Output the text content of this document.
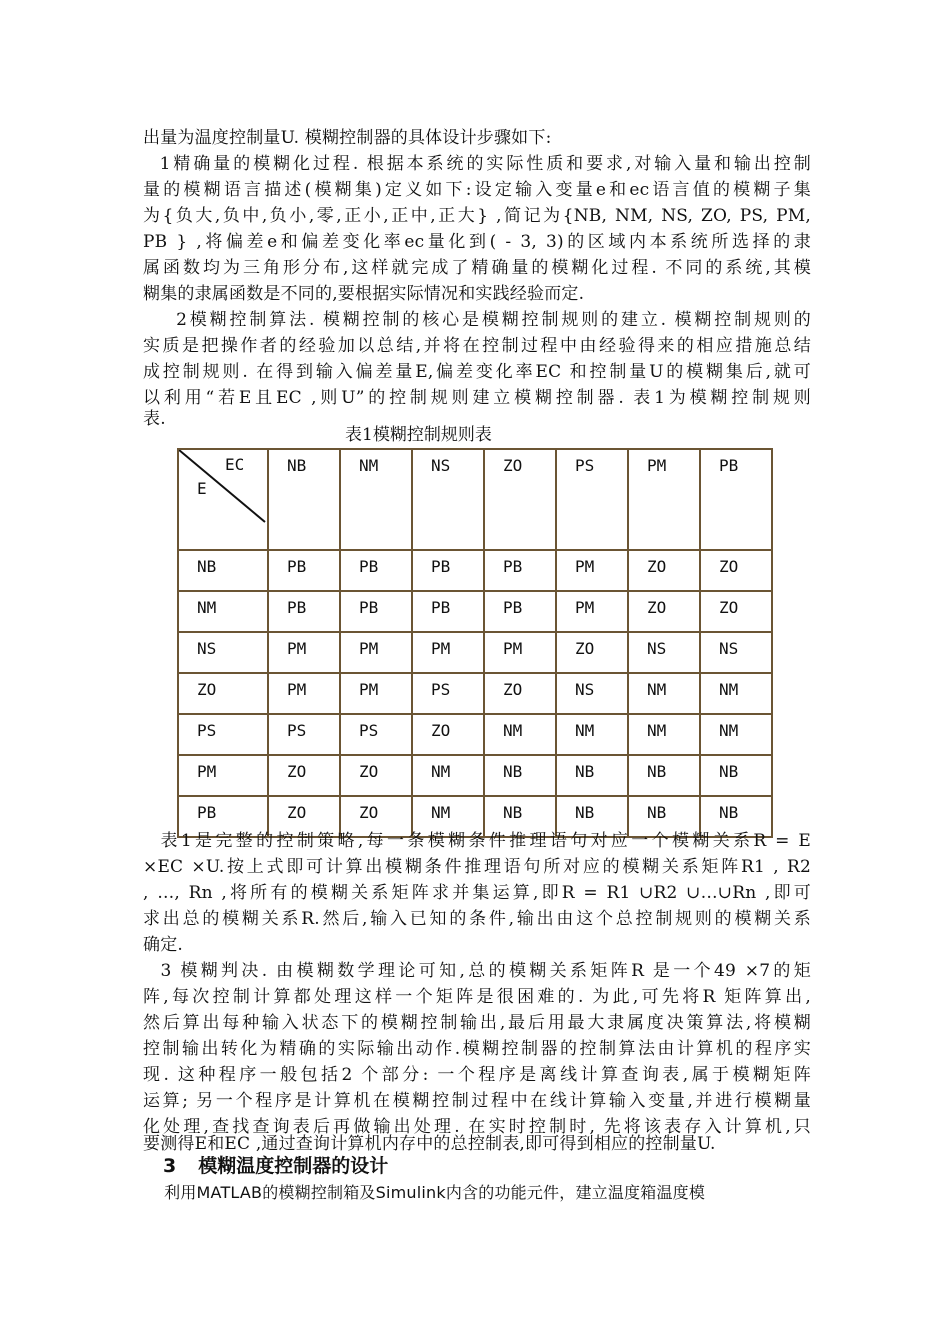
出量为温度控制量U. 模糊控制器的具体设计步骤如下:
1精确量的模糊化过程. 根据本系统的实际性质和要求,对输入量和输出控制
量的模糊语言描述(模糊集)定义如下:设定输入变量e和ec语言值的模糊子集
为{负大,负中,负小,零,正小,正中,正大} ,简记为{NB, NM, NS, ZO, PS, PM,
PB } ,将偏差e和偏差变化率ec量化到( - 3, 3)的区域内本系统所选择的隶
属函数均为三角形分布,这样就完成了精确量的模糊化过程. 不同的系统,其模
糊集的隶属函数是不同的,要根据实际情况和实践经验而定.
2模糊控制算法. 模糊控制的核心是模糊控制规则的建立. 模糊控制规则的
实质是把操作者的经验加以总结,并将在控制过程中由经验得来的相应措施总结
成控制规则. 在得到输入偏差量E,偏差变化率EC 和控制量U的模糊集后,就可
以利用“若E且EC ,则U”的控制规则建立模糊控制器. 表1为模糊控制规则
表.
表1模糊控制规则表
EC
E	NB	NM	NS	ZO	PS	PM	PB
NB	PB	PB	PB	PB	PM	ZO	ZO
NM	PB	PB	PB	PB	PM	ZO	ZO
NS	PM	PM	PM	PM	ZO	NS	NS
ZO	PM	PM	PS	ZO	NS	NM	NM
PS	PS	PS	ZO	NM	NM	NM	NM
PM	ZO	ZO	NM	NB	NB	NB	NB
PB	ZO	ZO	NM	NB	NB	NB	NB
表1是完整的控制策略,每一条模糊条件推理语句对应一个模糊关系R = E
×EC ×U.按上式即可计算出模糊条件推理语句所对应的模糊关系矩阵R1 , R2
, …, Rn ,将所有的模糊关系矩阵求并集运算,即R = R1 ∪R2 ∪…∪Rn ,即可
求出总的模糊关系R.然后,输入已知的条件,输出由这个总控制规则的模糊关系
确定.
3 模糊判决. 由模糊数学理论可知,总的模糊关系矩阵R 是一个49 ×7的矩
阵,每次控制计算都处理这样一个矩阵是很困难的. 为此,可先将R 矩阵算出,
然后算出每种输入状态下的模糊控制输出,最后用最大隶属度决策算法,将模糊
控制输出转化为精确的实际输出动作.模糊控制器的控制算法由计算机的程序实
现. 这种程序一般包括2 个部分: 一个程序是离线计算查询表,属于模糊矩阵
运算; 另一个程序是计算机在模糊控制过程中在线计算输入变量,并进行模糊量
化处理,查找查询表后再做输出处理. 在实时控制时, 先将该表存入计算机,只
要测得E和EC ,通过查询计算机内存中的总控制表,即可得到相应的控制量U.
3 模糊温度控制器的设计
利用MATLAB的模糊控制箱及Simulink内含的功能元件，建立温度箱温度模
